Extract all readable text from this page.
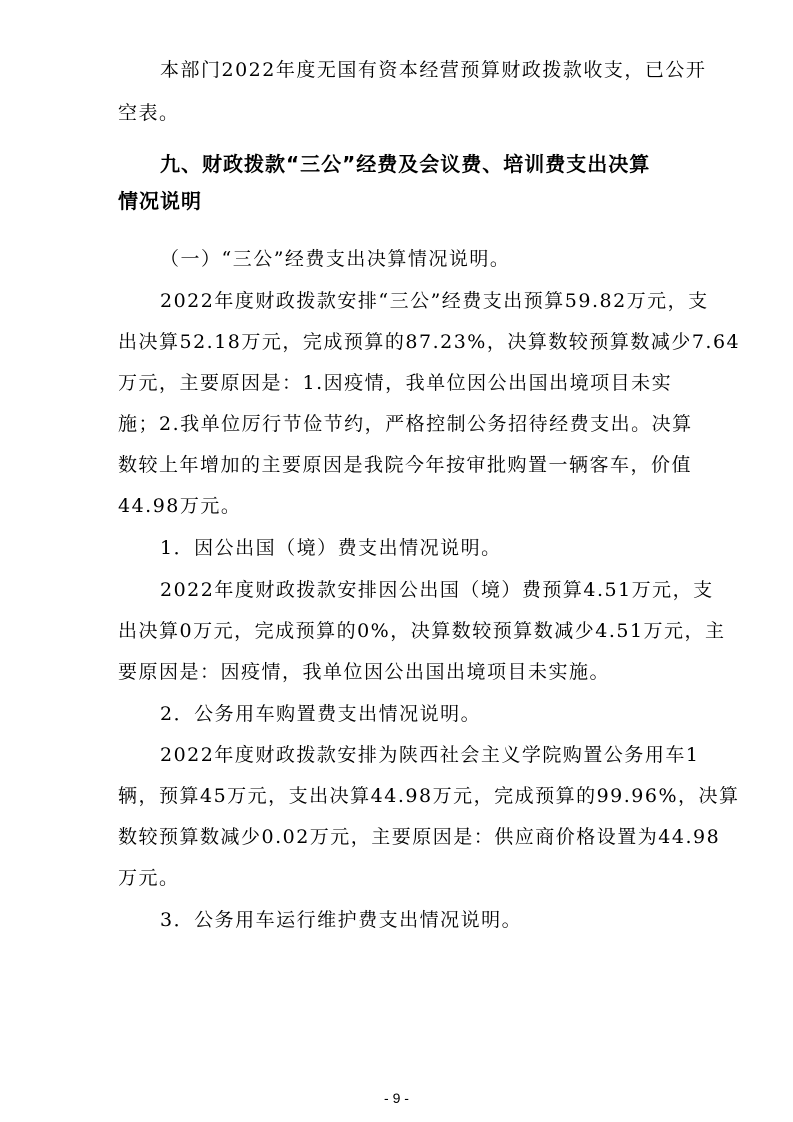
本部门2022年度无国有资本经营预算财政拨款收支，已公开
空表。
九、财政拨款“三公”经费及会议费、培训费支出决算
情况说明
（一）“三公”经费支出决算情况说明。
2022年度财政拨款安排“三公”经费支出预算59.82万元，支
出决算52.18万元，完成预算的87.23%，决算数较预算数减少7.64
万元，主要原因是：1.因疫情，我单位因公出国出境项目未实
施；2.我单位厉行节俭节约，严格控制公务招待经费支出。决算
数较上年增加的主要原因是我院今年按审批购置一辆客车，价值
44.98万元。
1．因公出国（境）费支出情况说明。
2022年度财政拨款安排因公出国（境）费预算4.51万元，支
出决算0万元，完成预算的0%，决算数较预算数减少4.51万元，主
要原因是：因疫情，我单位因公出国出境项目未实施。
2．公务用车购置费支出情况说明。
2022年度财政拨款安排为陕西社会主义学院购置公务用车1
辆，预算45万元，支出决算44.98万元，完成预算的99.96%，决算
数较预算数减少0.02万元，主要原因是：供应商价格设置为44.98
万元。
3．公务用车运行维护费支出情况说明。
- 9 -
